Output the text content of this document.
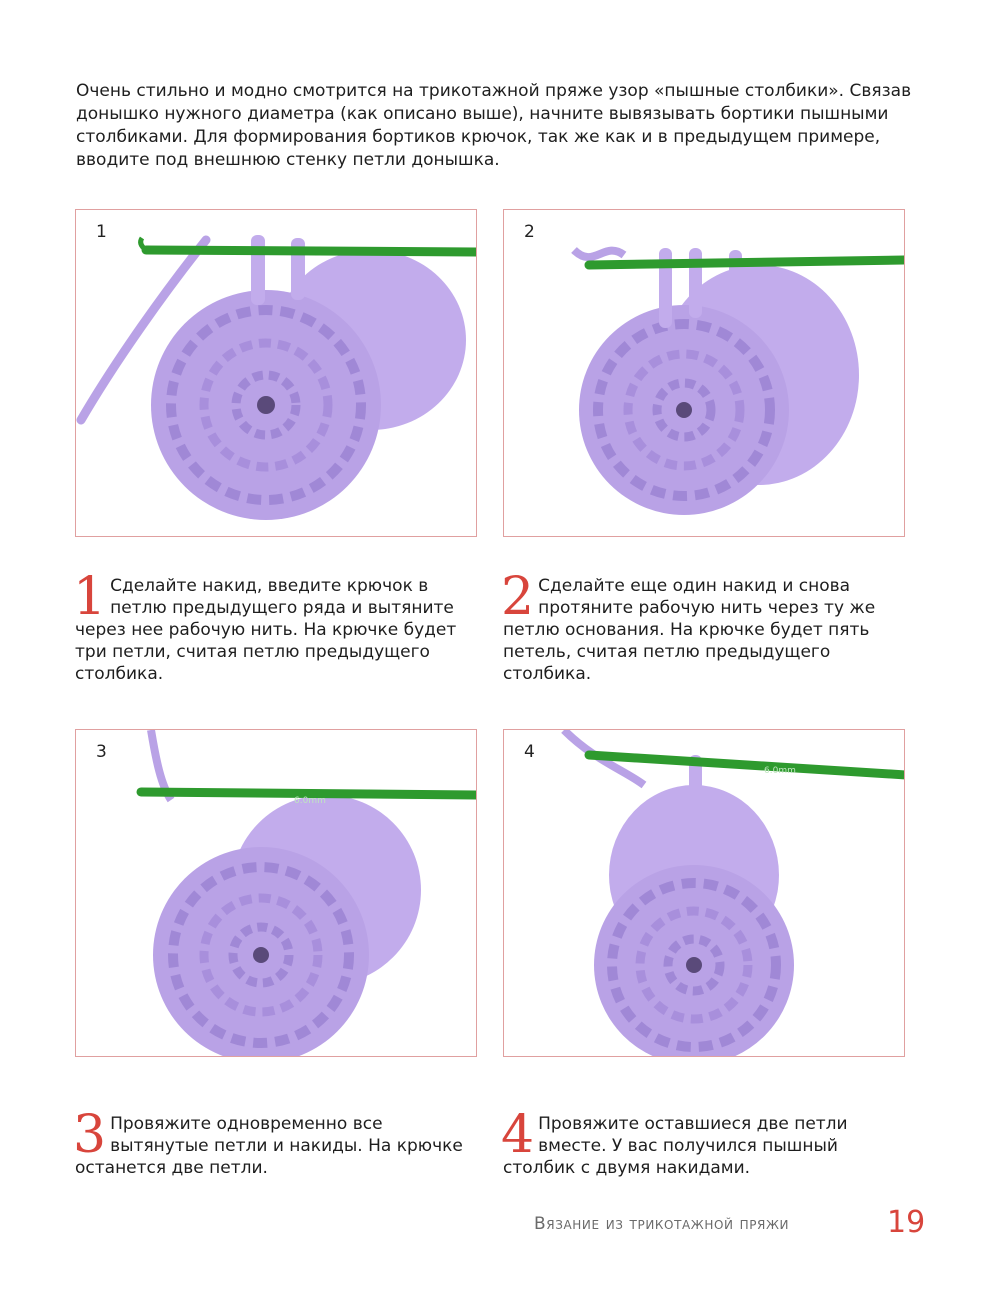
Очень стильно и модно смотрится на трикотажной пряже узор «пышные столбики». Связав донышко нужного диаметра (как описано выше), начните вывязывать бортики пышными столбиками. Для формирования бортиков крючок, так же как и в предыдущем примере, вводите под внешнюю стенку петли донышка.

1	2
6.0mm
3
6.0mm
4

1 Сделайте накид, введите крючок в петлю предыдущего ряда и вытяните через нее рабочую нить. На крючке будет три петли, считая петлю предыдущего столбика.

2 Сделайте еще один накид и снова протяните рабочую нить через ту же петлю основания. На крючке будет пять петель, считая петлю предыдущего столбика.

3 Провяжите одновременно все вытянутые петли и накиды. На крючке останется две петли.

4 Провяжите оставшиеся две петли вместе. У вас получился пышный столбик с двумя накидами.

Вязание из трикотажной пряжи	19
